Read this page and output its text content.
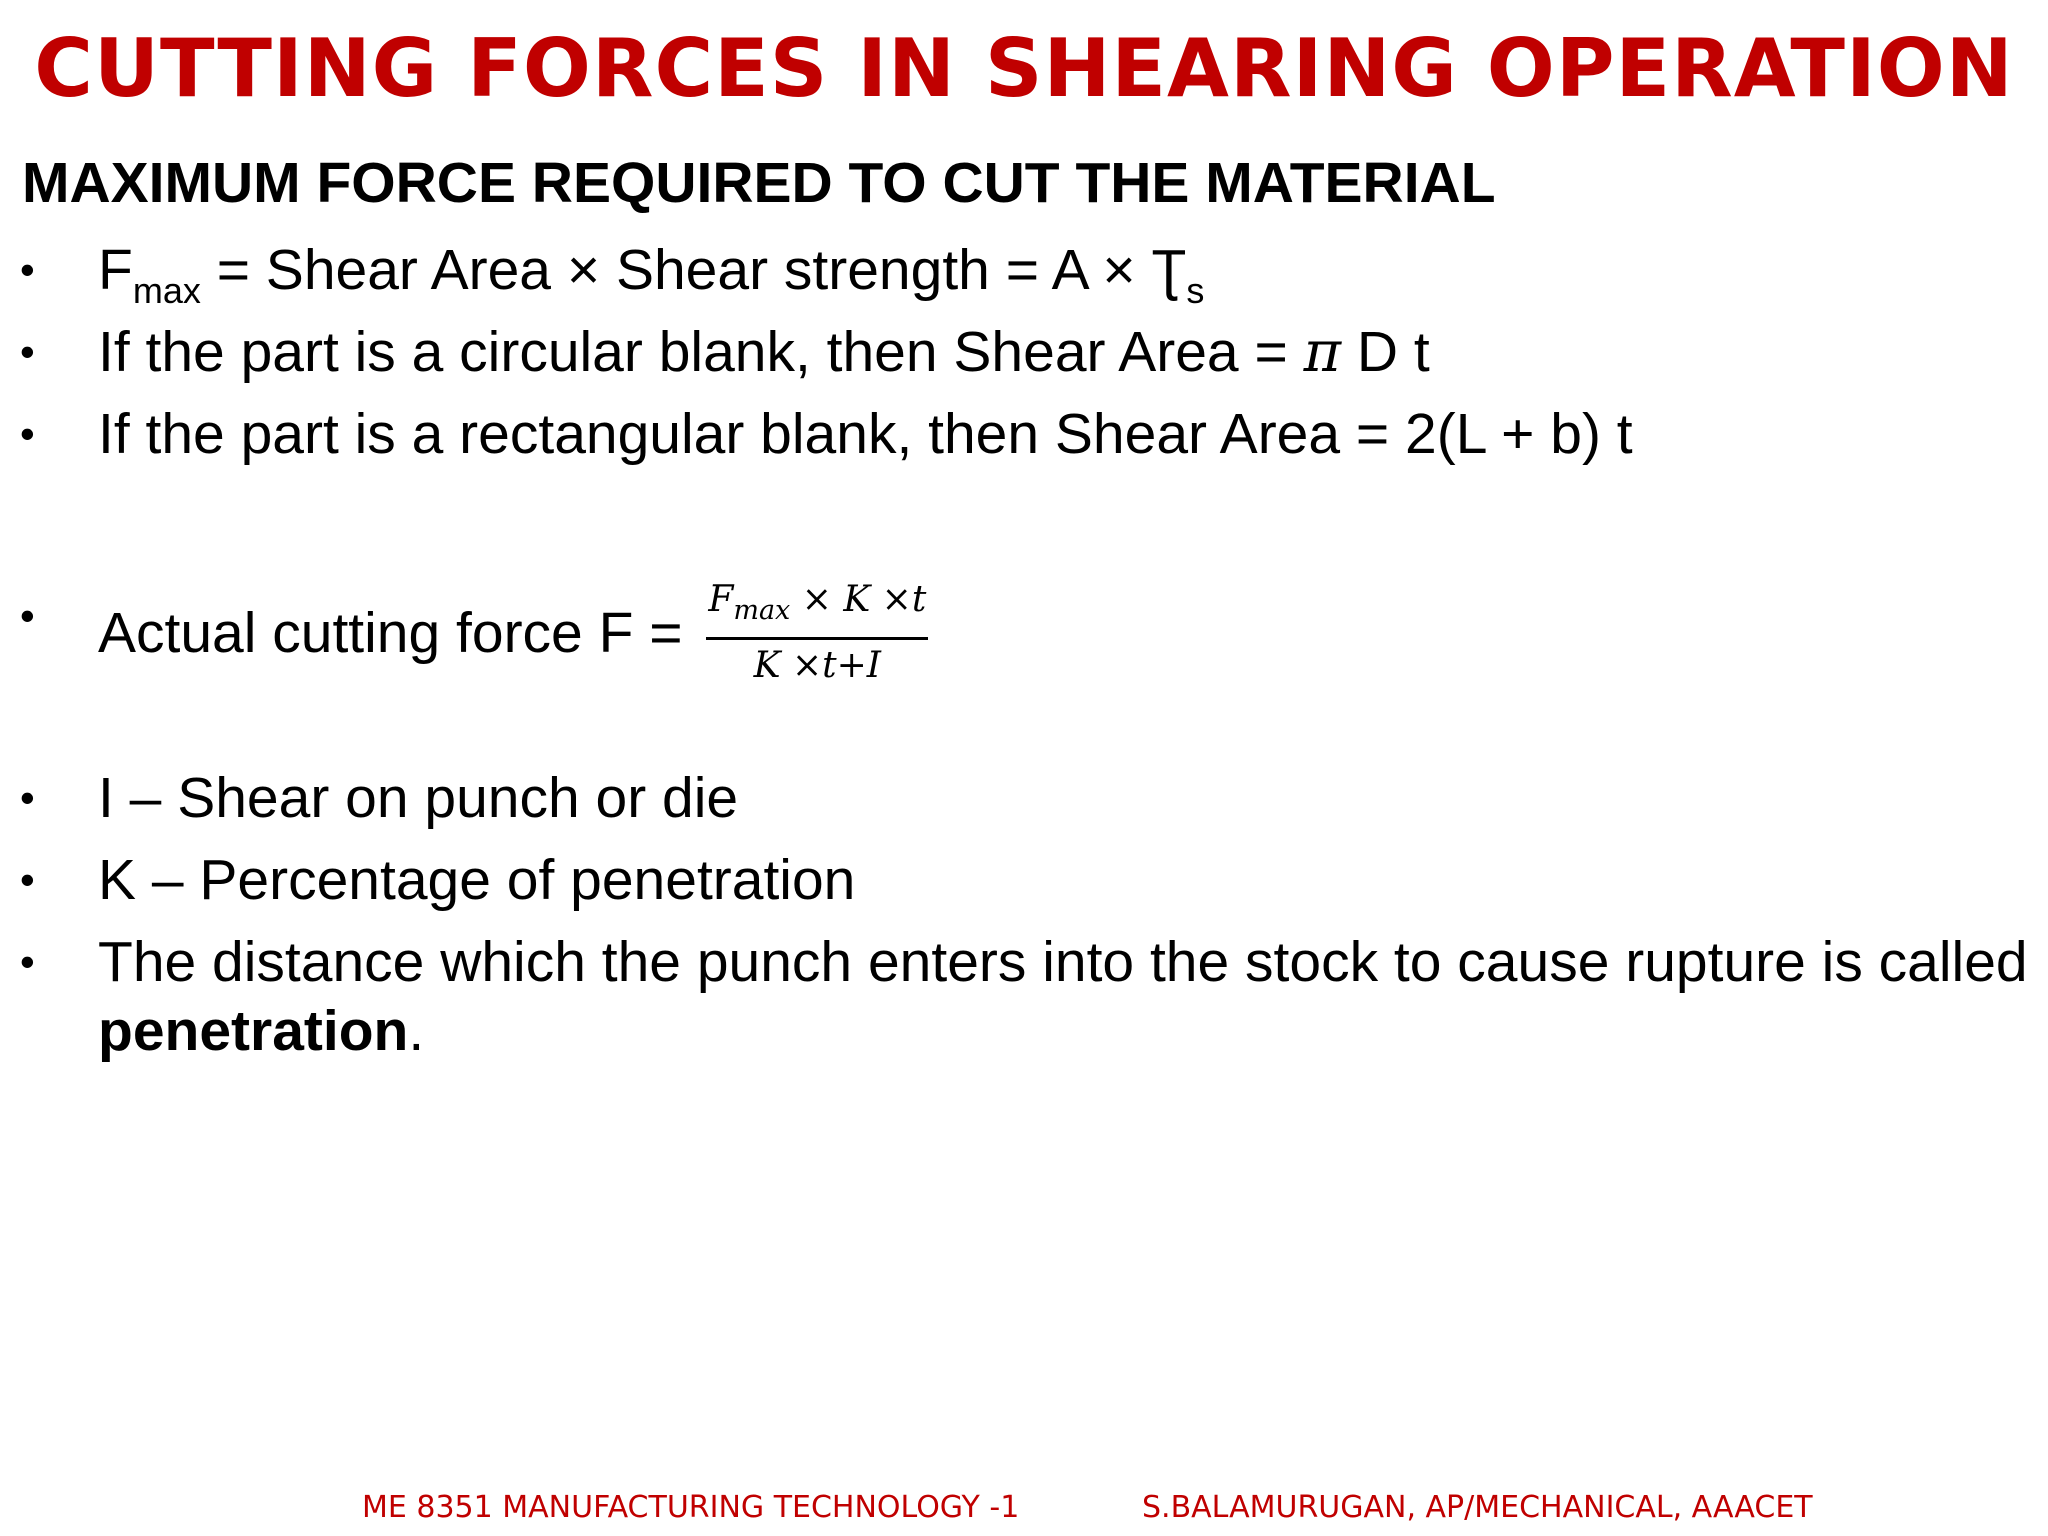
CUTTING FORCES IN SHEARING OPERATION
MAXIMUM FORCE REQUIRED TO CUT THE MATERIAL
• $F_{max}$ = Shear Area × Shear strength = $A \times Ʈ_s$
• If the part is a circular blank, then Shear Area = π D t
• If the part is a rectangular blank, then Shear Area = 2(L + b) t
• Actual cutting force $F = \frac{F_{max} \times K \times t}{K \times t+I}$
• I – Shear on punch or die
• K – Percentage of penetration
• The distance which the punch enters into the stock to cause rupture is called
penetration.
ME 8351 MANUFACTURING TECHNOLOGY -1	S.BALAMURUGAN, AP/MECHANICAL, AAACET
